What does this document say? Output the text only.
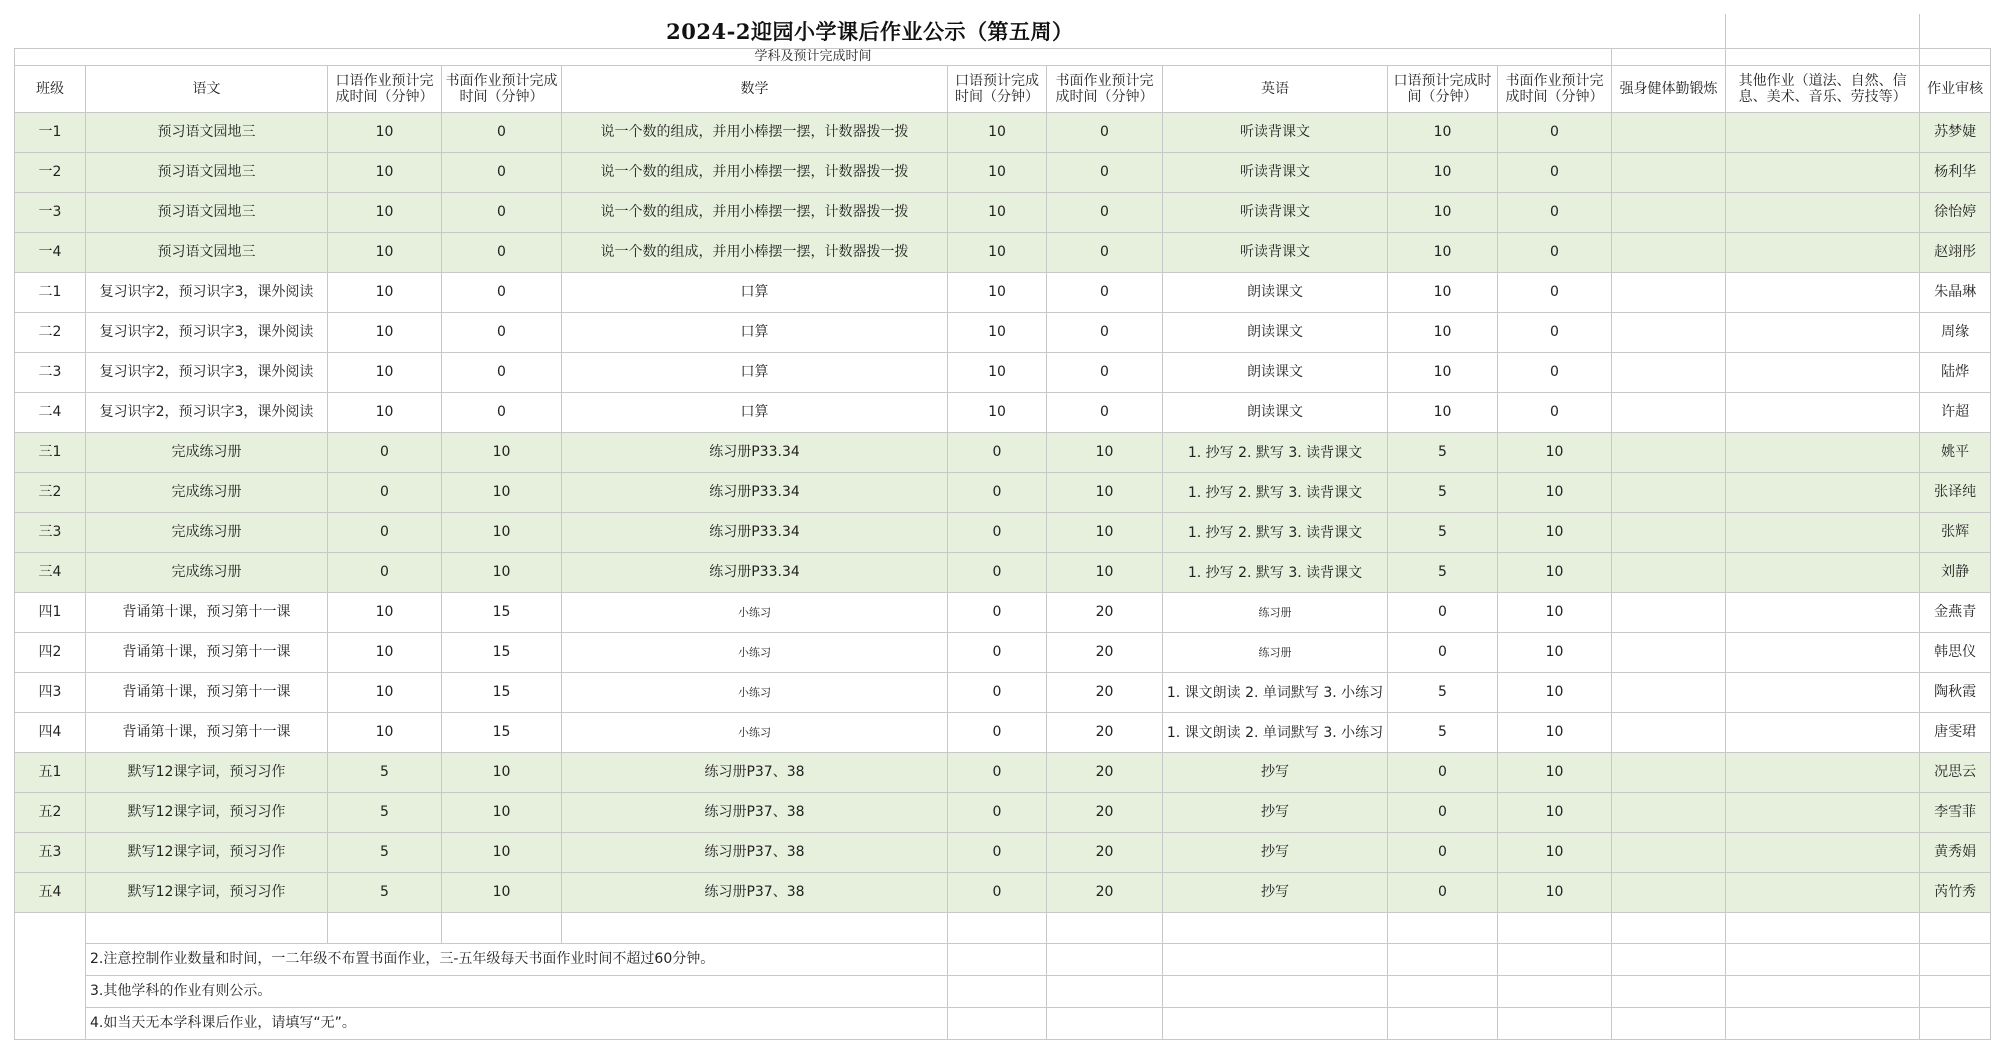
2024-2迎园小学课后作业公示（第五周）												
学科及预计完成时间												
班级	语文	口语作业预计完成时间（分钟）	书面作业预计完成时间（分钟）	数学	口语预计完成时间（分钟）	书面作业预计完成时间（分钟）	英语	口语预计完成时间（分钟）	书面作业预计完成时间（分钟）	强身健体勤锻炼	其他作业（道法、自然、信息、美术、音乐、劳技等）	作业审核
一1	预习语文园地三	10	0	说一个数的组成，并用小棒摆一摆，计数器拨一拨	10	0	听读背课文	10	0			苏梦婕
一2	预习语文园地三	10	0	说一个数的组成，并用小棒摆一摆，计数器拨一拨	10	0	听读背课文	10	0			杨利华
一3	预习语文园地三	10	0	说一个数的组成，并用小棒摆一摆，计数器拨一拨	10	0	听读背课文	10	0			徐怡婷
一4	预习语文园地三	10	0	说一个数的组成，并用小棒摆一摆，计数器拨一拨	10	0	听读背课文	10	0			赵翊彤
二1	复习识字2，预习识字3，课外阅读	10	0	口算	10	0	朗读课文	10	0			朱晶琳
二2	复习识字2，预习识字3，课外阅读	10	0	口算	10	0	朗读课文	10	0			周缘
二3	复习识字2，预习识字3，课外阅读	10	0	口算	10	0	朗读课文	10	0			陆烨
二4	复习识字2，预习识字3，课外阅读	10	0	口算	10	0	朗读课文	10	0			许超
三1	完成练习册	0	10	练习册P33.34	0	10	1. 抄写 2. 默写 3. 读背课文	5	10			姚平
三2	完成练习册	0	10	练习册P33.34	0	10	1. 抄写 2. 默写 3. 读背课文	5	10			张译纯
三3	完成练习册	0	10	练习册P33.34	0	10	1. 抄写 2. 默写 3. 读背课文	5	10			张辉
三4	完成练习册	0	10	练习册P33.34	0	10	1. 抄写 2. 默写 3. 读背课文	5	10			刘静
四1	背诵第十课，预习第十一课	10	15	小练习	0	20	练习册	0	10			金燕青
四2	背诵第十课，预习第十一课	10	15	小练习	0	20	练习册	0	10			韩思仪
四3	背诵第十课，预习第十一课	10	15	小练习	0	20	1. 课文朗读 2. 单词默写 3. 小练习	5	10			陶秋霞
四4	背诵第十课，预习第十一课	10	15	小练习	0	20	1. 课文朗读 2. 单词默写 3. 小练习	5	10			唐雯珺
五1	默写12课字词，预习习作	5	10	练习册P37、38	0	20	抄写	0	10			况思云
五2	默写12课字词，预习习作	5	10	练习册P37、38	0	20	抄写	0	10			李雪菲
五3	默写12课字词，预习习作	5	10	练习册P37、38	0	20	抄写	0	10			黄秀娟
五4	默写12课字词，预习习作	5	10	练习册P37、38	0	20	抄写	0	10			芮竹秀

	2.注意控制作业数量和时间，一二年级不布置书面作业，三-五年级每天书面作业时间不超过60分钟。											
	3.其他学科的作业有则公示。											
	4.如当天无本学科课后作业，请填写“无”。											
